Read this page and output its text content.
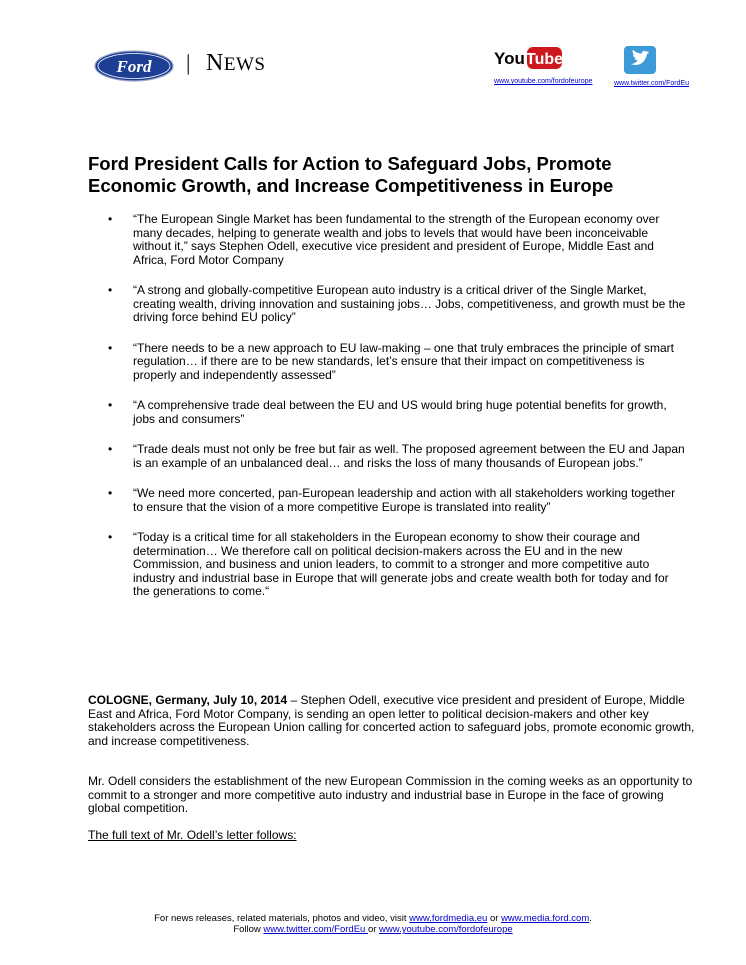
Ford | NEWS	You Tube
www.youtube.com/fordofeurope	www.twitter.com/FordEu
Ford President Calls for Action to Safeguard Jobs, Promote Economic Growth, and Increase Competitiveness in Europe
• “The European Single Market has been fundamental to the strength of the European economy over many decades, helping to generate wealth and jobs to levels that would have been inconceivable without it,” says Stephen Odell, executive vice president and president of Europe, Middle East and Africa, Ford Motor Company
• “A strong and globally-competitive European auto industry is a critical driver of the Single Market, creating wealth, driving innovation and sustaining jobs… Jobs, competitiveness, and growth must be the driving force behind EU policy”
• “There needs to be a new approach to EU law-making – one that truly embraces the principle of smart regulation… if there are to be new standards, let’s ensure that their impact on competitiveness is properly and independently assessed”
• “A comprehensive trade deal between the EU and US would bring huge potential benefits for growth, jobs and consumers”
• “Trade deals must not only be free but fair as well. The proposed agreement between the EU and Japan is an example of an unbalanced deal… and risks the loss of many thousands of European jobs.”
• “We need more concerted, pan-European leadership and action with all stakeholders working together to ensure that the vision of a more competitive Europe is translated into reality”
• “Today is a critical time for all stakeholders in the European economy to show their courage and determination… We therefore call on political decision-makers across the EU and in the new Commission, and business and union leaders, to commit to a stronger and more competitive auto industry and industrial base in Europe that will generate jobs and create wealth both for today and for the generations to come.“

COLOGNE, Germany, July 10, 2014 – Stephen Odell, executive vice president and president of Europe, Middle East and Africa, Ford Motor Company, is sending an open letter to political decision-makers and other key stakeholders across the European Union calling for concerted action to safeguard jobs, promote economic growth, and increase competitiveness.

Mr. Odell considers the establishment of the new European Commission in the coming weeks as an opportunity to commit to a stronger and more competitive auto industry and industrial base in Europe in the face of growing global competition.

The full text of Mr. Odell’s letter follows:

For news releases, related materials, photos and video, visit www.fordmedia.eu or www.media.ford.com.
Follow www.twitter.com/FordEu or www.youtube.com/fordofeurope
